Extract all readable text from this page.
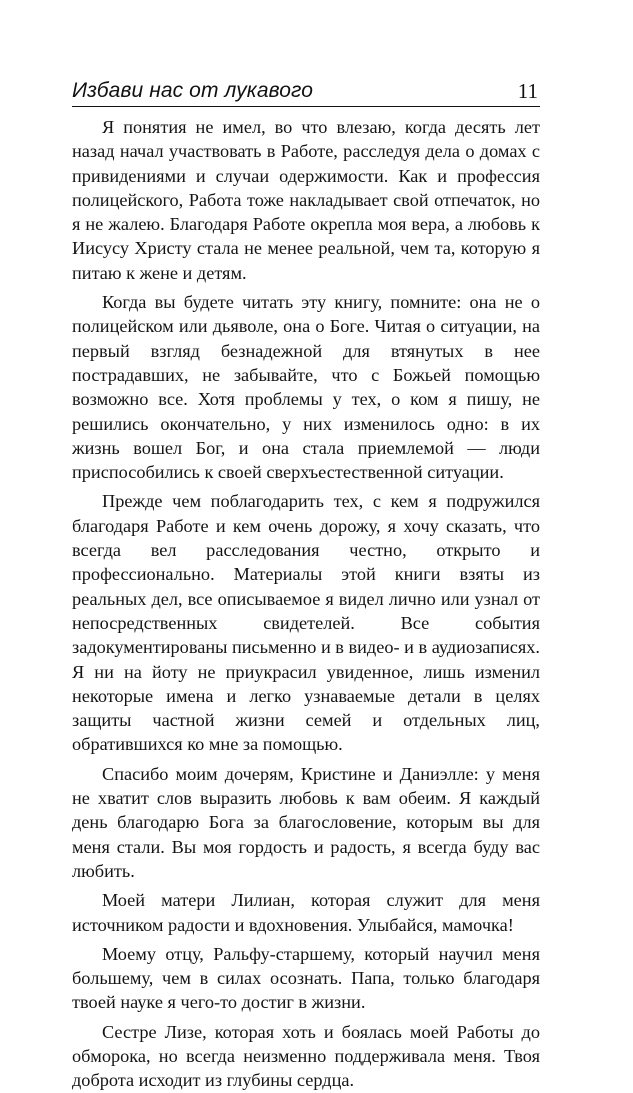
Избави нас от лукавого	11

Я понятия не имел, во что влезаю, когда десять лет назад начал участвовать в Работе, расследуя дела о домах с привидениями и случаи одержимости. Как и профессия полицейского, Работа тоже накладывает свой отпечаток, но я не жалею. Благодаря Работе окрепла моя вера, а любовь к Иисусу Христу стала не менее реальной, чем та, которую я питаю к жене и детям.

Когда вы будете читать эту книгу, помните: она не о полицейском или дьяволе, она о Боге. Читая о ситуации, на первый взгляд безнадежной для втянутых в нее пострадавших, не забывайте, что с Божьей помощью возможно все. Хотя проблемы у тех, о ком я пишу, не решились окончательно, у них изменилось одно: в их жизнь вошел Бог, и она стала приемлемой — люди приспособились к своей сверхъестественной ситуации.

Прежде чем поблагодарить тех, с кем я подружился благодаря Работе и кем очень дорожу, я хочу сказать, что всегда вел расследования честно, открыто и профессионально. Материалы этой книги взяты из реальных дел, все описываемое я видел лично или узнал от непосредственных свидетелей. Все события задокументированы письменно и в видео- и в аудиозаписях. Я ни на йоту не приукрасил увиденное, лишь изменил некоторые имена и легко узнаваемые детали в целях защиты частной жизни семей и отдельных лиц, обратившихся ко мне за помощью.

Спасибо моим дочерям, Кристине и Даниэлле: у меня не хватит слов выразить любовь к вам обеим. Я каждый день благодарю Бога за благословение, которым вы для меня стали. Вы моя гордость и радость, я всегда буду вас любить.

Моей матери Лилиан, которая служит для меня источником радости и вдохновения. Улыбайся, мамочка!

Моему отцу, Ральфу-старшему, который научил меня большему, чем в силах осознать. Папа, только благодаря твоей науке я чего-то достиг в жизни.

Сестре Лизе, которая хоть и боялась моей Работы до обморока, но всегда неизменно поддерживала меня. Твоя доброта исходит из глубины сердца.
